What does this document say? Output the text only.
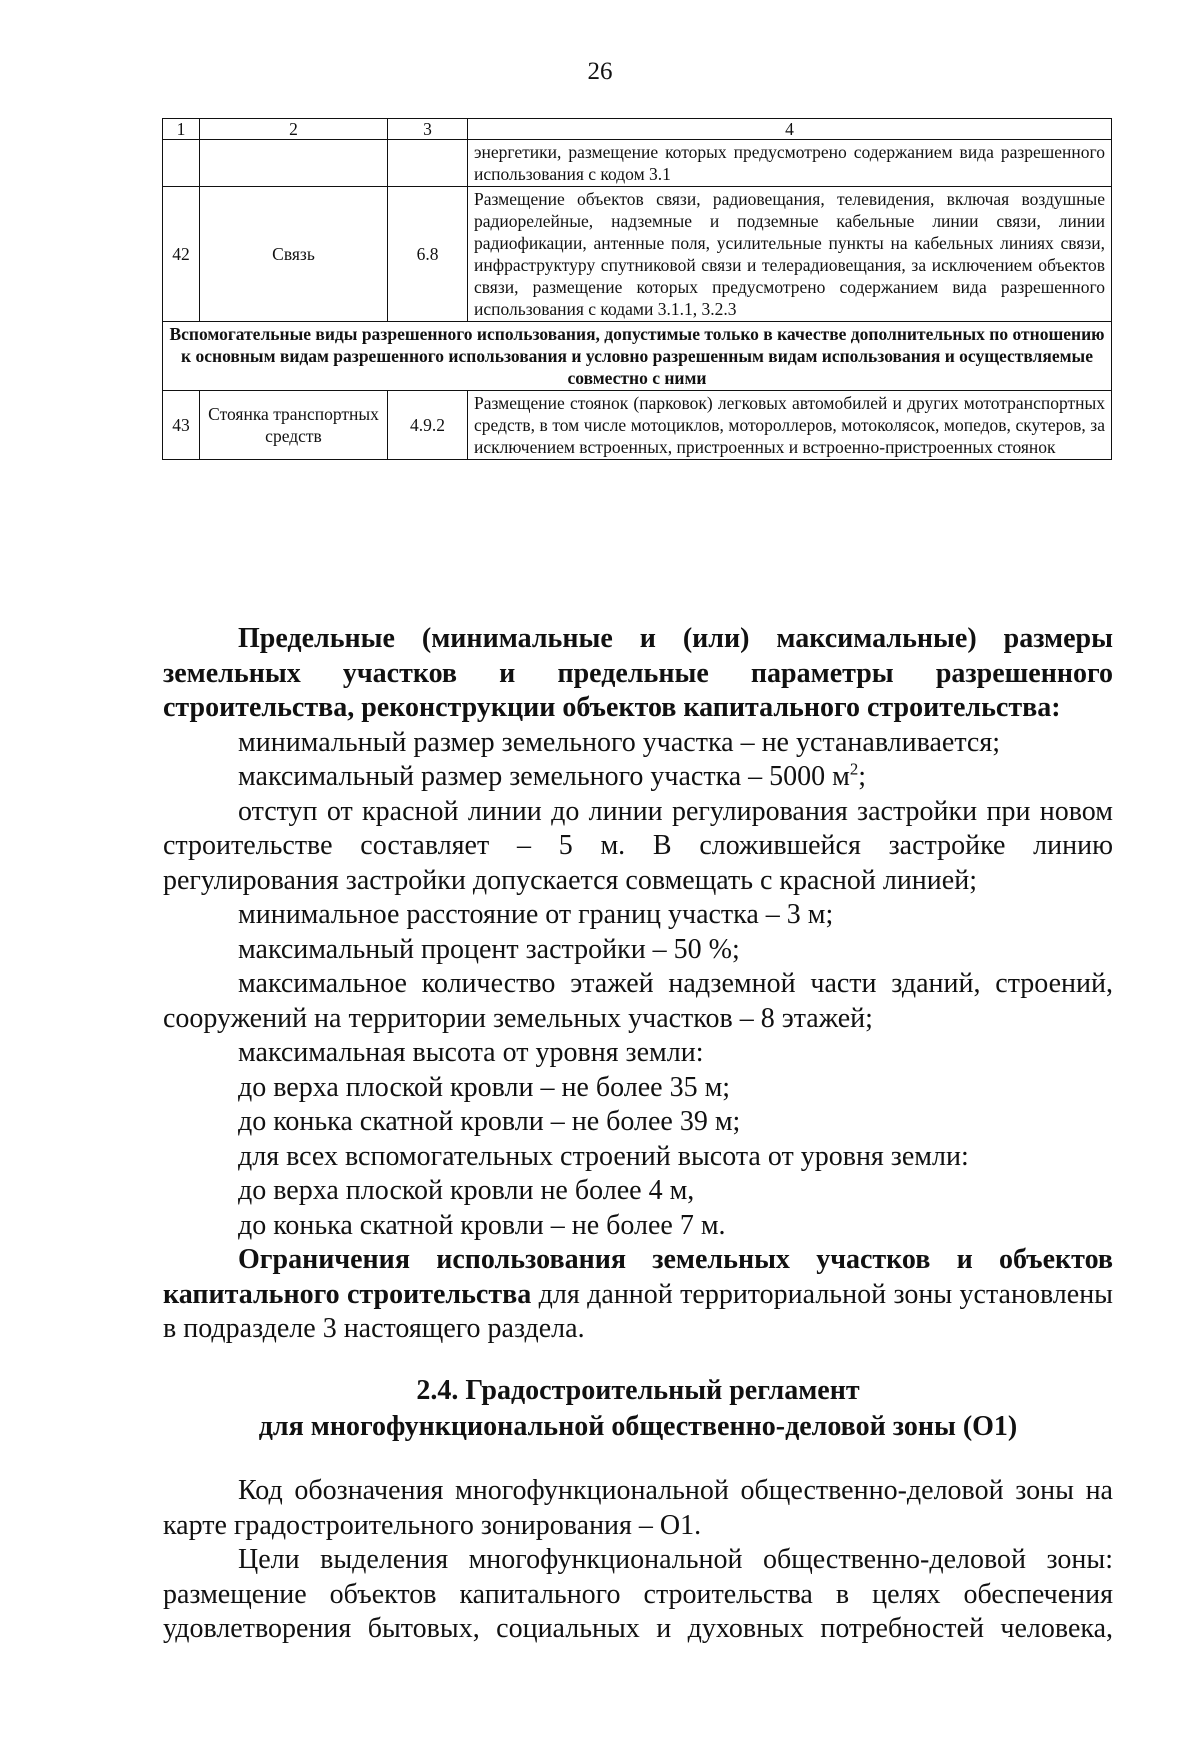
26
1	2	3	4
			энергетики, размещение которых предусмотрено содержанием вида разрешенного использования с кодом 3.1
42	Связь	6.8	Размещение объектов связи, радиовещания, телевидения, включая воздушные радиорелейные, надземные и подземные кабельные линии связи, линии радиофикации, антенные поля, усилительные пункты на кабельных линиях связи, инфраструктуру спутниковой связи и телерадиовещания, за исключением объектов связи, размещение которых предусмотрено содержанием вида разрешенного использования с кодами 3.1.1, 3.2.3
Вспомогательные виды разрешенного использования, допустимые только в качестве дополнительных по отношению к основным видам разрешенного использования и условно разрешенным видам использования и осуществляемые совместно с ними			
43	Стоянка транспортных средств	4.9.2	Размещение стоянок (парковок) легковых автомобилей и других мототранспортных средств, в том числе мотоциклов, мотороллеров, мотоколясок, мопедов, скутеров, за исключением встроенных, пристроенных и встроенно-пристроенных стоянок

Предельные (минимальные и (или) максимальные) размеры земельных участков и предельные параметры разрешенного строительства, реконструкции объектов капитального строительства:

минимальный размер земельного участка – не устанавливается;

максимальный размер земельного участка – 5000 $м^2$;

отступ от красной линии до линии регулирования застройки при новом строительстве составляет – 5 м. В сложившейся застройке линию регулирования застройки допускается совмещать с красной линией;

минимальное расстояние от границ участка – 3 м;

максимальный процент застройки – 50 %;

максимальное количество этажей надземной части зданий, строений, сооружений на территории земельных участков – 8 этажей;

максимальная высота от уровня земли:

до верха плоской кровли – не более 35 м;

до конька скатной кровли – не более 39 м;

для всех вспомогательных строений высота от уровня земли:

до верха плоской кровли не более 4 м,

до конька скатной кровли – не более 7 м.

Ограничения использования земельных участков и объектов капитального строительства для данной территориальной зоны установлены в подразделе 3 настоящего раздела.

2.4. Градостроительный регламент
для многофункциональной общественно-деловой зоны (О1)

Код обозначения многофункциональной общественно-деловой зоны на карте градостроительного зонирования – О1.

Цели выделения многофункциональной общественно-деловой зоны: размещение объектов капитального строительства в целях обеспечения удовлетворения бытовых, социальных и духовных потребностей человека,
